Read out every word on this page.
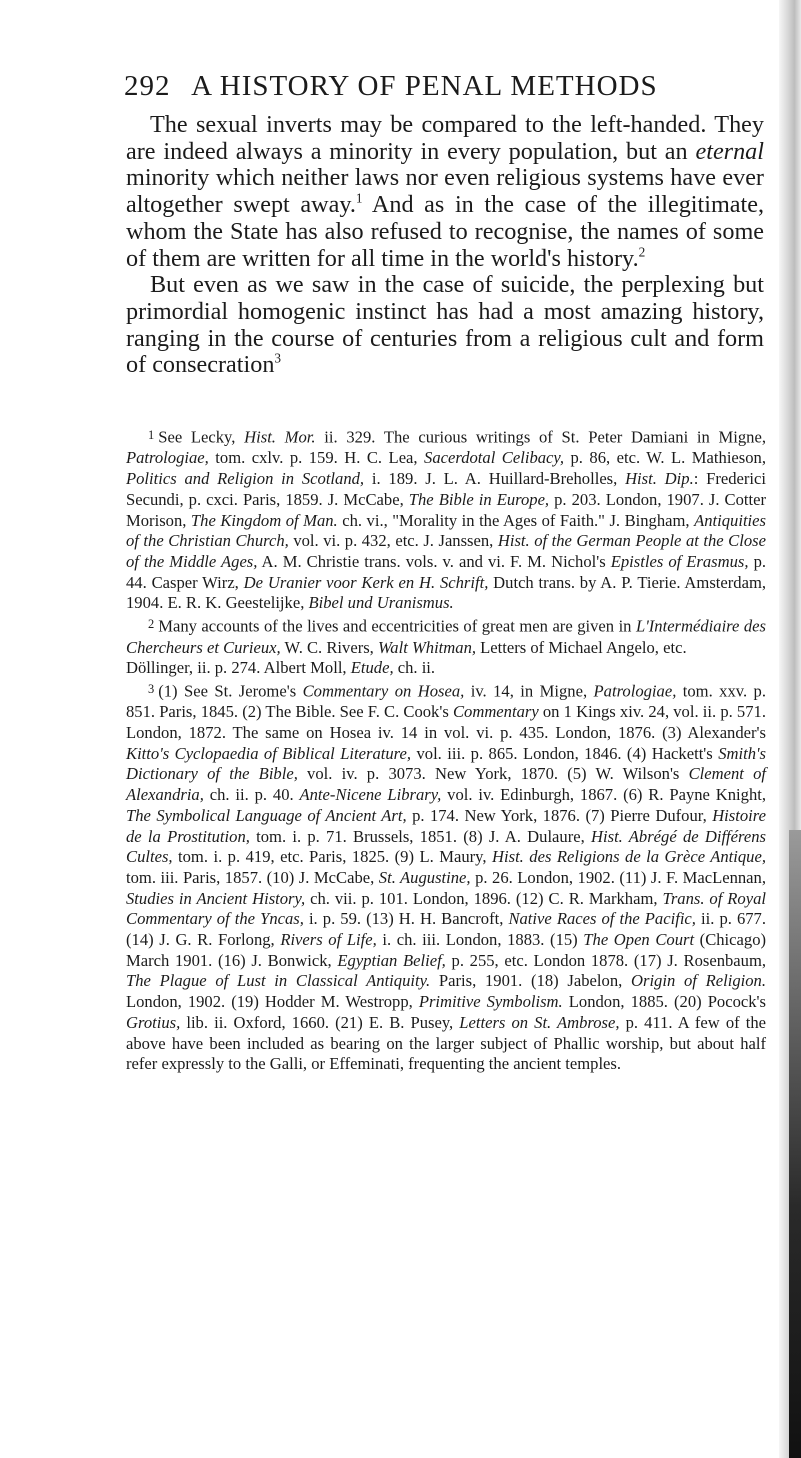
292 A HISTORY OF PENAL METHODS

The sexual inverts may be compared to the left-handed. They are indeed always a minority in every population, but an eternal minority which neither laws nor even religious systems have ever altogether swept away.$^1$ And as in the case of the illegitimate, whom the State has also refused to recognise, the names of some of them are written for all time in the world's history.$^2$

But even as we saw in the case of suicide, the perplexing but primordial homogenic instinct has had a most amazing history, ranging in the course of centuries from a religious cult and form of consecration$^3$

$^1$ See Lecky, Hist. Mor. ii. 329. The curious writings of St. Peter Damiani in Migne, Patrologiae, tom. cxlv. p. 159. H. C. Lea, Sacerdotal Celibacy, p. 86, etc. W. L. Mathieson, Politics and Religion in Scotland, i. 189. J. L. A. Huillard-Breholles, Hist. Dip.: Frederici Secundi, p. cxci. Paris, 1859. J. McCabe, The Bible in Europe, p. 203. London, 1907. J. Cotter Morison, The Kingdom of Man. ch. vi., "Morality in the Ages of Faith." J. Bingham, Antiquities of the Christian Church, vol. vi. p. 432, etc. J. Janssen, Hist. of the German People at the Close of the Middle Ages, A. M. Christie trans. vols. v. and vi. F. M. Nichol's Epistles of Erasmus, p. 44. Casper Wirz, De Uranier voor Kerk en H. Schrift, Dutch trans. by A. P. Tierie. Amsterdam, 1904. E. R. K. Geestelijke, Bibel und Uranismus.

$^2$ Many accounts of the lives and eccentricities of great men are given in L'Intermédiaire des Chercheurs et Curieux, W. C. Rivers, Walt Whitman, Letters of Michael Angelo, etc.

Döllinger, ii. p. 274. Albert Moll, Etude, ch. ii.

$^3$ (1) See St. Jerome's Commentary on Hosea, iv. 14, in Migne, Patrologiae, tom. xxv. p. 851. Paris, 1845. (2) The Bible. See F. C. Cook's Commentary on 1 Kings xiv. 24, vol. ii. p. 571. London, 1872. The same on Hosea iv. 14 in vol. vi. p. 435. London, 1876. (3) Alexander's Kitto's Cyclopaedia of Biblical Literature, vol. iii. p. 865. London, 1846. (4) Hackett's Smith's Dictionary of the Bible, vol. iv. p. 3073. New York, 1870. (5) W. Wilson's Clement of Alexandria, ch. ii. p. 40. Ante-Nicene Library, vol. iv. Edinburgh, 1867. (6) R. Payne Knight, The Symbolical Language of Ancient Art, p. 174. New York, 1876. (7) Pierre Dufour, Histoire de la Prostitution, tom. i. p. 71. Brussels, 1851. (8) J. A. Dulaure, Hist. Abrégé de Différens Cultes, tom. i. p. 419, etc. Paris, 1825. (9) L. Maury, Hist. des Religions de la Grèce Antique, tom. iii. Paris, 1857. (10) J. McCabe, St. Augustine, p. 26. London, 1902. (11) J. F. MacLennan, Studies in Ancient History, ch. vii. p. 101. London, 1896. (12) C. R. Markham, Trans. of Royal Commentary of the Yncas, i. p. 59. (13) H. H. Bancroft, Native Races of the Pacific, ii. p. 677. (14) J. G. R. Forlong, Rivers of Life, i. ch. iii. London, 1883. (15) The Open Court (Chicago) March 1901. (16) J. Bonwick, Egyptian Belief, p. 255, etc. London 1878. (17) J. Rosenbaum, The Plague of Lust in Classical Antiquity. Paris, 1901. (18) Jabelon, Origin of Religion. London, 1902. (19) Hodder M. Westropp, Primitive Symbolism. London, 1885. (20) Pocock's Grotius, lib. ii. Oxford, 1660. (21) E. B. Pusey, Letters on St. Ambrose, p. 411. A few of the above have been included as bearing on the larger subject of Phallic worship, but about half refer expressly to the Galli, or Effeminati, frequenting the ancient temples.
